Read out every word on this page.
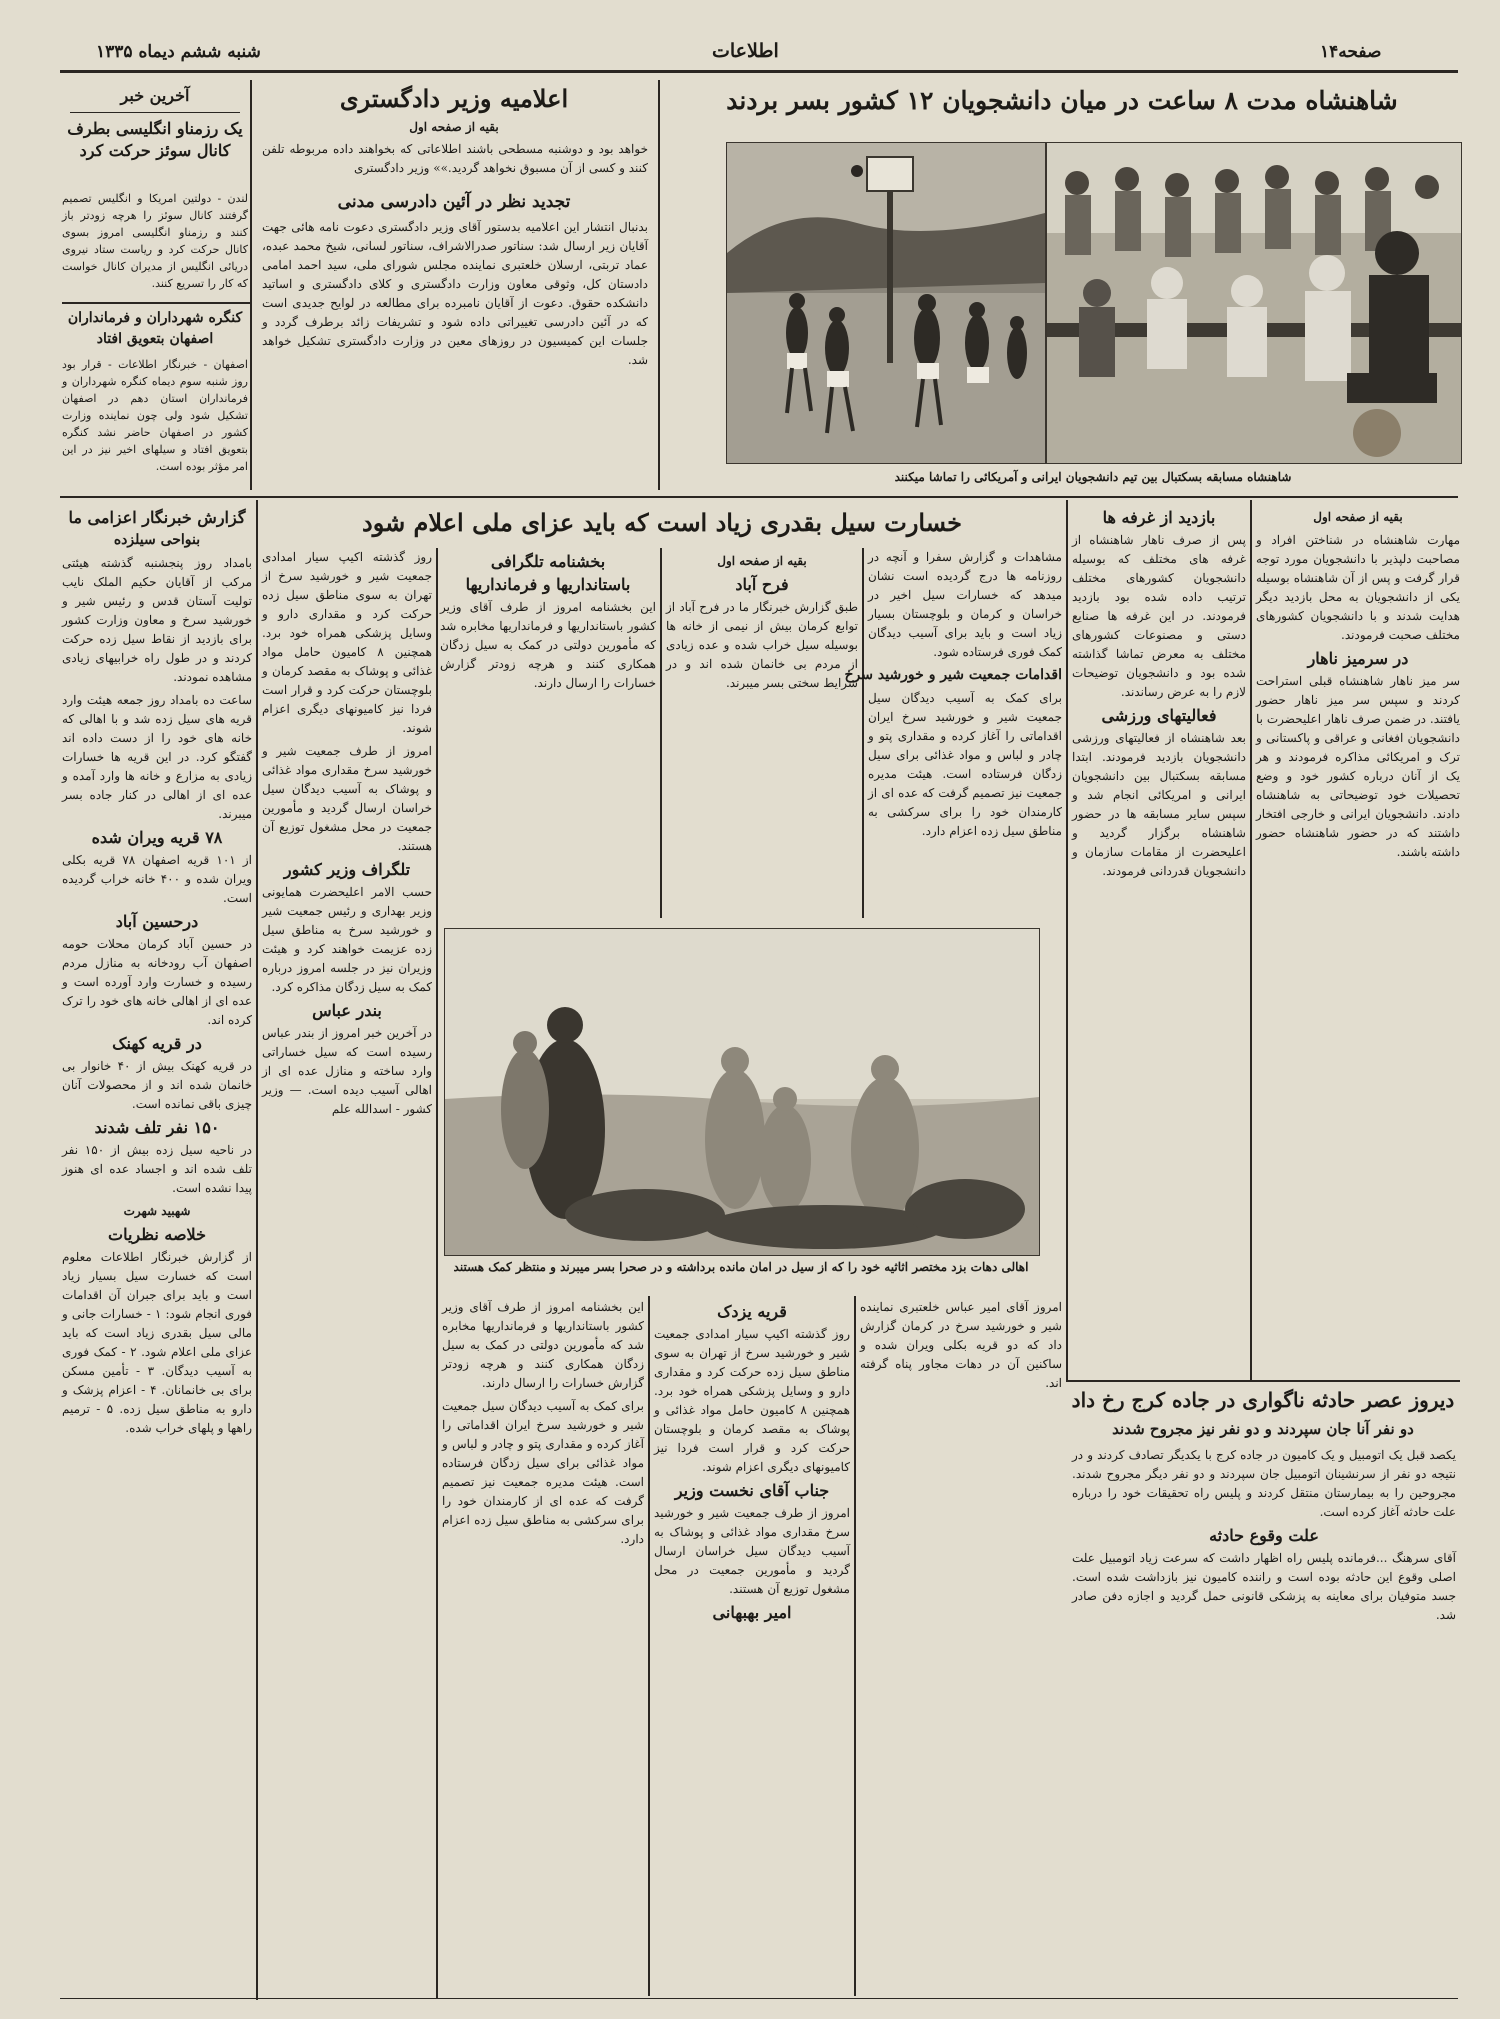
شنبه ششم دیماه ۱۳۳۵	اطلاعات	صفحه۱۴
آخرین خبر
یک رزمناو انگلیسی بطرف کانال سوئز حرکت کرد
لندن - دولتین امریکا و انگلیس تصمیم گرفتند کانال سوئز را هرچه زودتر باز کنند و رزمناو انگلیسی امروز بسوی کانال حرکت کرد و ریاست ستاد نیروی دریائی انگلیس از مدیران کانال خواست که کار را تسریع کنند.
کنگره شهرداران و فرمانداران اصفهان بتعویق افتاد
اصفهان - خبرنگار اطلاعات - قرار بود روز شنبه سوم دیماه کنگره شهرداران و فرمانداران استان دهم در اصفهان تشکیل شود ولی چون نماینده وزارت کشور در اصفهان حاضر نشد کنگره بتعویق افتاد و سیلهای اخیر نیز در این امر مؤثر بوده است.
اعلامیه وزیر دادگستری
بقیه از صفحه اول
خواهد بود و دوشنبه مسطحی باشند اطلاعاتی که بخواهند داده مربوطه تلفن کنند و کسی از آن مسبوق نخواهد گردید.»» وزیر دادگستری
تجدید نظر در آئین دادرسی مدنی
بدنبال انتشار این اعلامیه بدستور آقای وزیر دادگستری دعوت نامه هائی جهت آقایان زیر ارسال شد: سناتور صدرالاشراف، سناتور لسانی، شیخ محمد عبده، عماد تربتی، ارسلان خلعتبری نماینده مجلس شورای ملی، سید احمد امامی دادستان کل، وثوقی معاون وزارت دادگستری و کلای دادگستری و اساتید دانشکده حقوق. دعوت از آقایان نامبرده برای مطالعه در لوایح جدیدی است که در آئین دادرسی تغییراتی داده شود و تشریفات زائد برطرف گردد و جلسات این کمیسیون در روزهای معین در وزارت دادگستری تشکیل خواهد شد.
شاهنشاه مدت ۸ ساعت در میان دانشجویان ۱۲ کشور بسر بردند
شاهنشاه مسابقه بسکتبال بین تیم دانشجویان ایرانی و آمریکائی را تماشا میکنند
بقیه از صفحه اول

مهارت شاهنشاه در شناختن افراد و مصاحبت دلپذیر با دانشجویان مورد توجه قرار گرفت و پس از آن شاهنشاه بوسیله یکی از دانشجویان به محل بازدید دیگر هدایت شدند و با دانشجویان کشورهای مختلف صحبت فرمودند.

در سرمیز ناهار

سر میز ناهار شاهنشاه قبلی استراحت کردند و سپس سر میز ناهار حضور یافتند. در ضمن صرف ناهار اعلیحضرت با دانشجویان افغانی و عراقی و پاکستانی و ترک و امریکائی مذاکره فرمودند و هر یک از آنان درباره کشور خود و وضع تحصیلات خود توضیحاتی به شاهنشاه دادند. دانشجویان ایرانی و خارجی افتخار داشتند که در حضور شاهنشاه حضور داشته باشند.

بازدید از غرفه ها

پس از صرف ناهار شاهنشاه از غرفه های مختلف که بوسیله دانشجویان کشورهای مختلف ترتیب داده شده بود بازدید فرمودند. در این غرفه ها صنایع دستی و مصنوعات کشورهای مختلف به معرض تماشا گذاشته شده بود و دانشجویان توضیحات لازم را به عرض رساندند.

فعالیتهای ورزشی

بعد شاهنشاه از فعالیتهای ورزشی دانشجویان بازدید فرمودند. ابتدا مسابقه بسکتبال بین دانشجویان ایرانی و امریکائی انجام شد و سپس سایر مسابقه ها در حضور شاهنشاه برگزار گردید و اعلیحضرت از مقامات سازمان و دانشجویان قدردانی فرمودند.

خسارت سیل بقدری زیاد است که باید عزای ملی اعلام شود
گزارش خبرنگار اعزامی ما
بنواحی سیلزده

بامداد روز پنجشنبه گذشته هیئتی مرکب از آقایان حکیم الملک نایب تولیت آستان قدس و رئیس شیر و خورشید سرخ و معاون وزارت کشور برای بازدید از نقاط سیل زده حرکت کردند و در طول راه خرابیهای زیادی مشاهده نمودند.

ساعت ده بامداد روز جمعه هیئت وارد قریه های سیل زده شد و با اهالی که خانه های خود را از دست داده اند گفتگو کرد. در این قریه ها خسارات زیادی به مزارع و خانه ها وارد آمده و عده ای از اهالی در کنار جاده بسر میبرند.

۷۸ قریه ویران شده

از ۱۰۱ قریه اصفهان ۷۸ قریه بکلی ویران شده و ۴۰۰ خانه خراب گردیده است.

درحسین آباد

در حسین آباد کرمان محلات حومه اصفهان آب رودخانه به منازل مردم رسیده و خسارت وارد آورده است و عده ای از اهالی خانه های خود را ترک کرده اند.

در قریه کهنک

در قریه کهنک بیش از ۴۰ خانوار بی خانمان شده اند و از محصولات آنان چیزی باقی نمانده است.

۱۵۰ نفر تلف شدند

در ناحیه سیل زده بیش از ۱۵۰ نفر تلف شده اند و اجساد عده ای هنوز پیدا نشده است.

شهبید شهرت
خلاصه نظریات

از گزارش خبرنگار اطلاعات معلوم است که خسارت سیل بسیار زیاد است و باید برای جبران آن اقدامات فوری انجام شود: ۱ - خسارات جانی و مالی سیل بقدری زیاد است که باید عزای ملی اعلام شود. ۲ - کمک فوری به آسیب دیدگان. ۳ - تأمین مسکن برای بی خانمانان. ۴ - اعزام پزشک و دارو به مناطق سیل زده. ۵ - ترمیم راهها و پلهای خراب شده.

مشاهدات و گزارش سفرا و آنچه در روزنامه ها درج گردیده است نشان میدهد که خسارات سیل اخیر در خراسان و کرمان و بلوچستان بسیار زیاد است و باید برای آسیب دیدگان کمک فوری فرستاده شود.

اقدامات جمعیت شیر و خورشید سرخ

برای کمک به آسیب دیدگان سیل جمعیت شیر و خورشید سرخ ایران اقداماتی را آغاز کرده و مقداری پتو و چادر و لباس و مواد غذائی برای سیل زدگان فرستاده است. هیئت مدیره جمعیت نیز تصمیم گرفت که عده ای از کارمندان خود را برای سرکشی به مناطق سیل زده اعزام دارد.

بقیه از صفحه اول
فرح آباد

طبق گزارش خبرنگار ما در فرح آباد از توابع کرمان بیش از نیمی از خانه ها بوسیله سیل خراب شده و عده زیادی از مردم بی خانمان شده اند و در شرایط سختی بسر میبرند.

بخشنامه تلگرافی
باستانداریها و فرمانداریها

این بخشنامه امروز از طرف آقای وزیر کشور باستانداریها و فرمانداریها مخابره شد که مأمورین دولتی در کمک به سیل زدگان همکاری کنند و هرچه زودتر گزارش خسارات را ارسال دارند.

روز گذشته اکیپ سیار امدادی جمعیت شیر و خورشید سرخ از تهران به سوی مناطق سیل زده حرکت کرد و مقداری دارو و وسایل پزشکی همراه خود برد. همچنین ۸ کامیون حامل مواد غذائی و پوشاک به مقصد کرمان و بلوچستان حرکت کرد و قرار است فردا نیز کامیونهای دیگری اعزام شوند.

امروز از طرف جمعیت شیر و خورشید سرخ مقداری مواد غذائی و پوشاک به آسیب دیدگان سیل خراسان ارسال گردید و مأمورین جمعیت در محل مشغول توزیع آن هستند.

تلگراف وزیر کشور

حسب الامر اعلیحضرت همایونی وزیر بهداری و رئیس جمعیت شیر و خورشید سرخ به مناطق سیل زده عزیمت خواهند کرد و هیئت وزیران نیز در جلسه امروز درباره کمک به سیل زدگان مذاکره کرد.

بندر عباس

در آخرین خبر امروز از بندر عباس رسیده است که سیل خساراتی وارد ساخته و منازل عده ای از اهالی آسیب دیده است. — وزیر کشور - اسدالله علم

اهالی دهات بزد مختصر اثاثیه خود را که از سیل در امان مانده برداشته و در صحرا بسر میبرند و منتظر کمک هستند

امروز آقای امیر عباس خلعتبری نماینده شیر و خورشید سرخ در کرمان گزارش داد که دو قریه بکلی ویران شده و ساکنین آن در دهات مجاور پناه گرفته اند.

قریه یزدک

روز گذشته اکیپ سیار امدادی جمعیت شیر و خورشید سرخ از تهران به سوی مناطق سیل زده حرکت کرد و مقداری دارو و وسایل پزشکی همراه خود برد. همچنین ۸ کامیون حامل مواد غذائی و پوشاک به مقصد کرمان و بلوچستان حرکت کرد و قرار است فردا نیز کامیونهای دیگری اعزام شوند.

جناب آقای نخست وزیر

امروز از طرف جمعیت شیر و خورشید سرخ مقداری مواد غذائی و پوشاک به آسیب دیدگان سیل خراسان ارسال گردید و مأمورین جمعیت در محل مشغول توزیع آن هستند.

امیر بهبهانی

این بخشنامه امروز از طرف آقای وزیر کشور باستانداریها و فرمانداریها مخابره شد که مأمورین دولتی در کمک به سیل زدگان همکاری کنند و هرچه زودتر گزارش خسارات را ارسال دارند.

برای کمک به آسیب دیدگان سیل جمعیت شیر و خورشید سرخ ایران اقداماتی را آغاز کرده و مقداری پتو و چادر و لباس و مواد غذائی برای سیل زدگان فرستاده است. هیئت مدیره جمعیت نیز تصمیم گرفت که عده ای از کارمندان خود را برای سرکشی به مناطق سیل زده اعزام دارد.

دیروز عصر حادثه ناگواری در جاده کرج رخ داد
دو نفر آنا جان سپردند و دو نفر نیز مجروح شدند

یکصد قبل یک اتومبیل و یک کامیون در جاده کرج با یکدیگر تصادف کردند و در نتیجه دو نفر از سرنشینان اتومبیل جان سپردند و دو نفر دیگر مجروح شدند. مجروحین را به بیمارستان منتقل کردند و پلیس راه تحقیقات خود را درباره علت حادثه آغاز کرده است.

علت وقوع حادثه

آقای سرهنگ ...فرمانده پلیس راه اظهار داشت که سرعت زیاد اتومبیل علت اصلی وقوع این حادثه بوده است و راننده کامیون نیز بازداشت شده است. جسد متوفیان برای معاینه به پزشکی قانونی حمل گردید و اجازه دفن صادر شد.
